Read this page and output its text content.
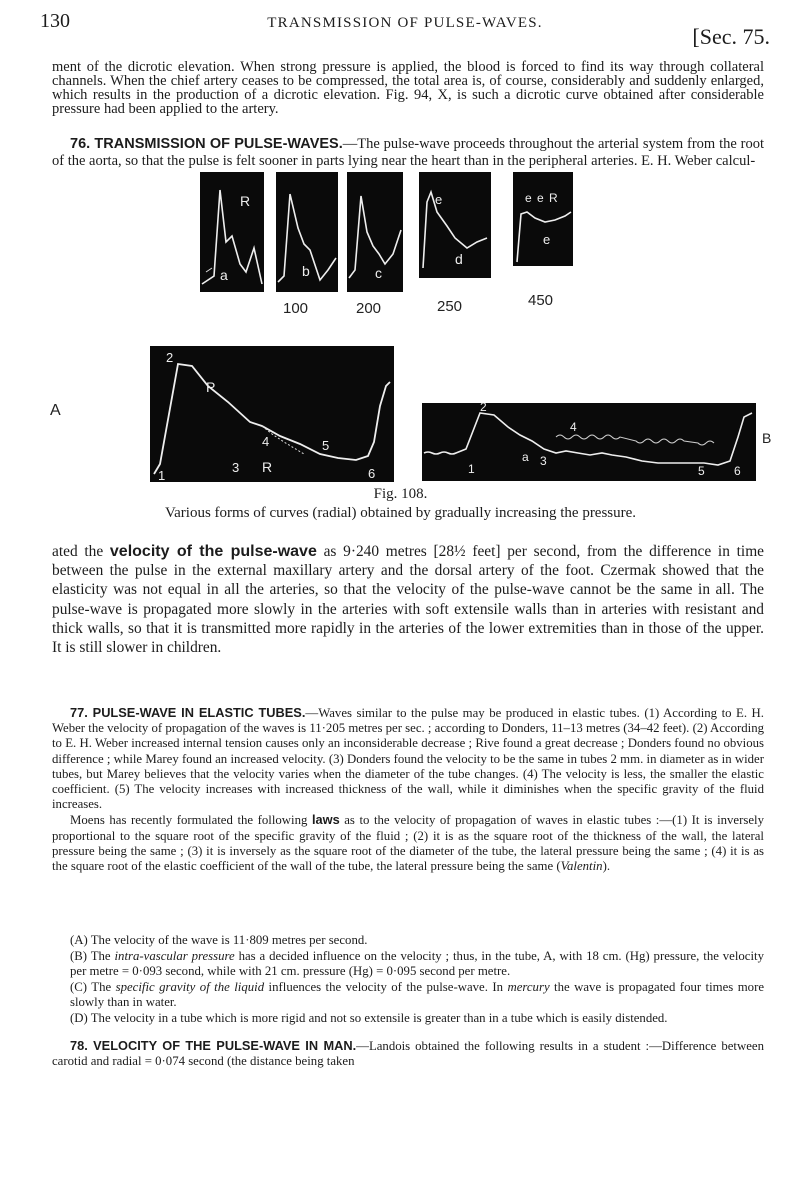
130	TRANSMISSION OF PULSE-WAVES.
[Sec. 75.

ment of the dicrotic elevation. When strong pressure is applied, the blood is forced to find its way through collateral channels. When the chief artery ceases to be compressed, the total area is, of course, considerably and suddenly enlarged, which results in the production of a dicrotic elevation. Fig. 94, X, is such a dicrotic curve obtained after considerable pressure had been applied to the artery.

76. TRANSMISSION OF PULSE-WAVES.—The pulse-wave proceeds throughout the arterial system from the root of the aorta, so that the pulse is felt sooner in parts lying near the heart than in the peripheral arteries. E. H. Weber calcul-

R
a	b	c
e
d
e e R
e
100	200	250	450
A
2
P
4
3 R
5
1	6
2
4
1
a 3
5 6
B
Fig. 108.
Various forms of curves (radial) obtained by gradually increasing the pressure.

ated the velocity of the pulse-wave as 9·240 metres [28½ feet] per second, from the difference in time between the pulse in the external maxillary artery and the dorsal artery of the foot. Czermak showed that the elasticity was not equal in all the arteries, so that the velocity of the pulse-wave cannot be the same in all. The pulse-wave is propagated more slowly in the arteries with soft extensile walls than in arteries with resistant and thick walls, so that it is transmitted more rapidly in the arteries of the lower extremities than in those of the upper. It is still slower in children.

77. PULSE-WAVE IN ELASTIC TUBES.—Waves similar to the pulse may be produced in elastic tubes. (1) According to E. H. Weber the velocity of propagation of the waves is 11·205 metres per sec. ; according to Donders, 11–13 metres (34–42 feet). (2) According to E. H. Weber increased internal tension causes only an inconsiderable decrease ; Rive found a great decrease ; Donders found no obvious difference ; while Marey found an increased velocity. (3) Donders found the velocity to be the same in tubes 2 mm. in diameter as in wider tubes, but Marey believes that the velocity varies when the diameter of the tube changes. (4) The velocity is less, the smaller the elastic coefficient. (5) The velocity increases with increased thickness of the wall, while it diminishes when the specific gravity of the fluid increases.
Moens has recently formulated the following laws as to the velocity of propagation of waves in elastic tubes :—(1) It is inversely proportional to the square root of the specific gravity of the fluid ; (2) it is as the square root of the thickness of the wall, the lateral pressure being the same ; (3) it is inversely as the square root of the diameter of the tube, the lateral pressure being the same ; (4) it is as the square root of the elastic coefficient of the wall of the tube, the lateral pressure being the same (Valentin).

(A) The velocity of the wave is 11·809 metres per second.

(B) The intra-vascular pressure has a decided influence on the velocity ; thus, in the tube, A, with 18 cm. (Hg) pressure, the velocity per metre = 0·093 second, while with 21 cm. pressure (Hg) = 0·095 second per metre.

(C) The specific gravity of the liquid influences the velocity of the pulse-wave. In mercury the wave is propagated four times more slowly than in water.

(D) The velocity in a tube which is more rigid and not so extensile is greater than in a tube which is easily distended.

78. VELOCITY OF THE PULSE-WAVE IN MAN.—Landois obtained the following results in a student :—Difference between carotid and radial = 0·074 second (the distance being taken
